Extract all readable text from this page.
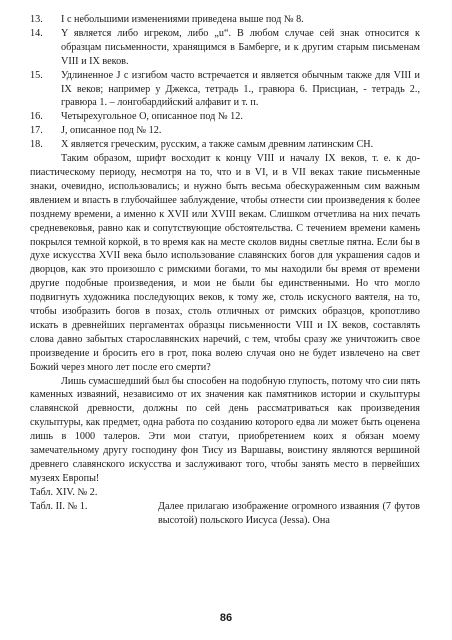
13.	I с небольшими изменениями приведена выше под № 8.
14.	Y является либо игреком, либо „u“. В любом случае сей знак относится к образцам письменности, хранящимся в Бамберге, и к другим старым письменам VIII и IX веков.
15.	Удлиненное J с изгибом часто встречается и является обычным также для VIII и IX веков; например у Джекса, тетрадь 1., гравюра 6. Присциан, - тетрадь 2., гравюра 1. – лонгобардийский алфавит и т. п.
16.	Четырехугольное О, описанное под № 12.
17.	J, описанное под № 12.
18.	X является греческим, русским, а также самым древним латинским СН.

Таким образом, шрифт восходит к концу VIII и началу IX веков, т. е. к до-пиастическому периоду, несмотря на то, что и в VI, и в VII веках такие письменные знаки, очевидно, использовались; и нужно быть весьма обескураженным сим важным явлением и впасть в глубочайшее заблуждение, чтобы отнести сии произведения к более позднему времени, а именно к XVII или XVIII векам. Слишком отчетлива на них печать средневековья, равно как и сопутствующие обстоятельства. С течением времени камень покрылся темной коркой, в то время как на месте сколов видны светлые пятна. Если бы в духе искусства XVII века было использование славянских богов для украшения садов и дворцов, как это произошло с римскими богами, то мы находили бы время от времени другие подобные произведения, и мои не были бы единственными. Но что могло подвигнуть художника последующих веков, к тому же, столь искусного ваятеля, на то, чтобы изобразить богов в позах, столь отличных от римских образцов, кропотливо искать в древнейших пергаментах образцы письменности VIII и IX веков, составлять слова давно забытых старославянских наречий, с тем, чтобы сразу же уничтожить свое произведение и бросить его в грот, пока волею случая оно не будет извлечено на свет Божий через много лет после его смерти?

Лишь сумасшедший был бы способен на подобную глупость, потому что сии пять каменных изваяний, независимо от их значения как памятников истории и скульптуры славянской древности, должны по сей день рассматриваться как произведения скульптуры, как предмет, одна работа по созданию которого едва ли может быть оценена лишь в 1000 талеров. Эти мои статуи, приобретением коих я обязан моему замечательному другу господину фон Тису из Варшавы, воистину являются вершиной древнего славянского искусства и заслуживают того, чтобы занять место в первейших музеях Европы!

Табл. XIV. № 2.

Табл. II. № 1.	Далее прилагаю изображение огромного изваяния (7 футов высотой) польского Иисуса (Jessa). Она
86
